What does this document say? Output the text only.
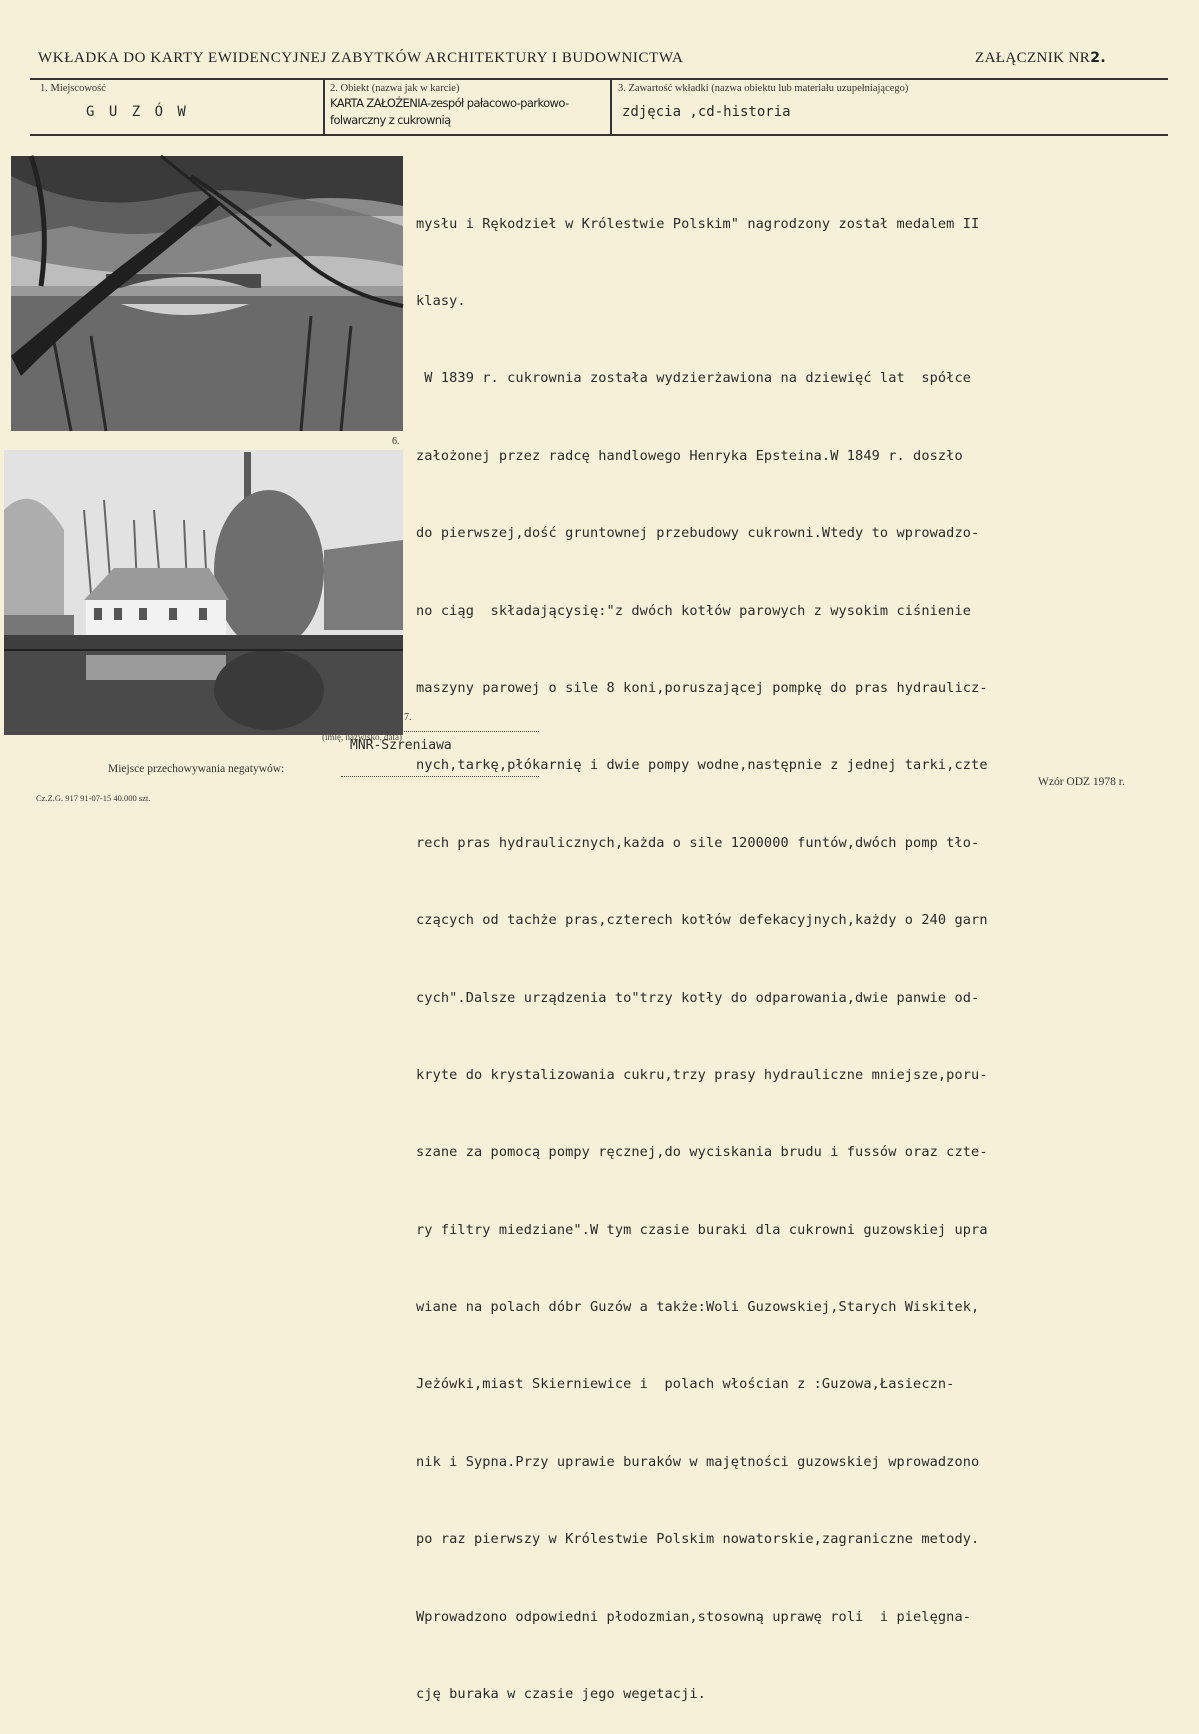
WKŁADKA DO KARTY EWIDENCYJNEJ ZABYTKÓW ARCHITEKTURY I BUDOWNICTWA	ZAŁĄCZNIK NR2.
1. Miejscowość
G U Z Ó W
2. Obiekt (nazwa jak w karcie)
KARTA ZAŁOŻENIA-zespół pałacowo-parkowo-
folwarczny z cukrownią
3. Zawartość wkładki (nazwa obiektu lub materiału uzupełniającego)
zdjęcia ,cd-historia
6.
7.

mysłu i Rękodzieł w Królestwie Polskim" nagrodzony został medalem II

klasy.

W 1839 r. cukrownia została wydzierżawiona na dziewięć lat  spółce

założonej przez radcę handlowego Henryka Epsteina.W 1849 r. doszło

do pierwszej,dość gruntownej przebudowy cukrowni.Wtedy to wprowadzo-

no ciąg  składającysię:"z dwóch kotłów parowych z wysokim ciśnienie

maszyny parowej o sile 8 koni,poruszającej pompkę do pras hydraulicz-

nych,tarkę,płókarnię i dwie pompy wodne,następnie z jednej tarki,czte

rech pras hydraulicznych,każda o sile 1200000 funtów,dwóch pomp tło-

czących od tachże pras,czterech kotłów defekacyjnych,każdy o 240 garn

cych".Dalsze urządzenia to"trzy kotły do odparowania,dwie panwie od-

kryte do krystalizowania cukru,trzy prasy hydrauliczne mniejsze,poru-

szane za pomocą pompy ręcznej,do wyciskania brudu i fussów oraz czte-

ry filtry miedziane".W tym czasie buraki dla cukrowni guzowskiej upra

wiane na polach dóbr Guzów a także:Woli Guzowskiej,Starych Wiskitek,

Jeżówki,miast Skierniewice i  polach włościan z :Guzowa,Łasieczn-

nik i Sypna.Przy uprawie buraków w majętności guzowskiej wprowadzono

po raz pierwszy w Królestwie Polskim nowatorskie,zagraniczne metody.

Wprowadzono odpowiedni płodozmian,stosowną uprawę roli  i pielęgna-

cję buraka w czasie jego wegetacji.

(imię, nazwisko, data)
MNR-Szreniawa
Miejsce przechowywania negatywów:
Wzór ODZ 1978 r.
Cz.Z.G. 917 91-07-15 40.000 szt.
